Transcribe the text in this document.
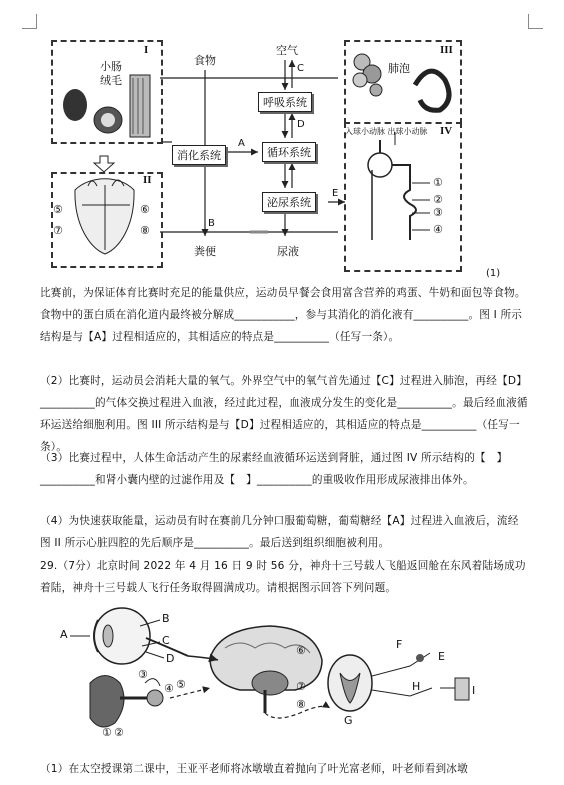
I
II
III
IV
小肠
绒毛
肺泡
入球小动脉 出球小动脉
⑤	⑥
⑦	⑧
①
②
③
④
食物
空气
C
呼吸系统
D
A
消化系统	循环系统
泌尿系统
E
B
粪便	尿液
(1)
比赛前，为保证体育比赛时充足的能量供应，运动员早餐会食用富含营养的鸡蛋、牛奶和面包等食物。食物中的蛋白质在消化道内最终被分解成___________，参与其消化的消化液有__________。图 I 所示结构是与【A】过程相适应的，其相适应的特点是__________（任写一条）。
（2）比赛时，运动员会消耗大量的氧气。外界空气中的氧气首先通过【C】过程进入肺泡，再经【D】__________的气体交换过程进入血液，经过此过程，血液成分发生的变化是__________。最后经血液循环运送给细胞利用。图 III 所示结构是与【D】过程相适应的，其相适应的特点是__________（任写一条）。
（3）比赛过程中，人体生命活动产生的尿素经血液循环运送到肾脏，通过图 IV 所示结构的【　】__________和肾小囊内壁的过滤作用及【　】__________的重吸收作用形成尿液排出体外。
（4）为快速获取能量，运动员有时在赛前几分钟口服葡萄糖，葡萄糖经【A】过程进入血液后，流经图 II 所示心脏四腔的先后顺序是__________。最后送到组织细胞被利用。
29.（7分）北京时间 2022 年 4 月 16 日 9 时 56 分，神舟十三号载人飞船返回舱在东风着陆场成功着陆，神舟十三号载人飞行任务取得圆满成功。请根据图示回答下列问题。
A
B
C
D
③
④ ⑤
① ②
⑥
⑦
⑧
F
E
G
H	I
（1）在太空授课第二课中，王亚平老师将冰墩墩直着抛向了叶光富老师，叶老师看到冰墩
